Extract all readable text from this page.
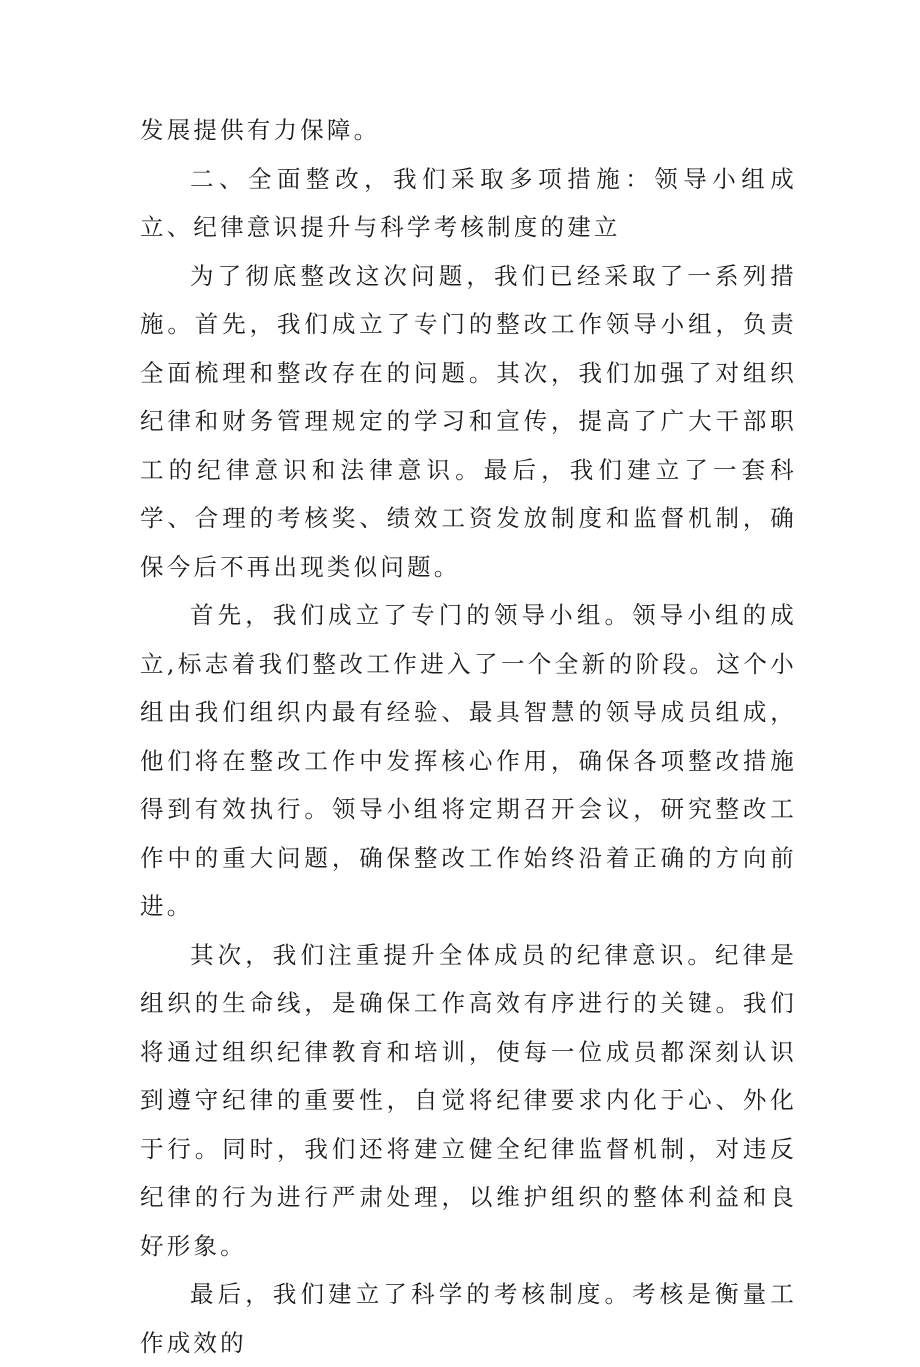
发展提供有力保障。

二、全面整改，我们采取多项措施：领导小组成立、纪律意识提升与科学考核制度的建立

为了彻底整改这次问题，我们已经采取了一系列措施。首先，我们成立了专门的整改工作领导小组，负责全面梳理和整改存在的问题。其次，我们加强了对组织纪律和财务管理规定的学习和宣传，提高了广大干部职工的纪律意识和法律意识。最后，我们建立了一套科学、合理的考核奖、绩效工资发放制度和监督机制，确保今后不再出现类似问题。

首先，我们成立了专门的领导小组。领导小组的成立,标志着我们整改工作进入了一个全新的阶段。这个小组由我们组织内最有经验、最具智慧的领导成员组成，他们将在整改工作中发挥核心作用，确保各项整改措施得到有效执行。领导小组将定期召开会议，研究整改工作中的重大问题，确保整改工作始终沿着正确的方向前进。

其次，我们注重提升全体成员的纪律意识。纪律是组织的生命线，是确保工作高效有序进行的关键。我们将通过组织纪律教育和培训，使每一位成员都深刻认识到遵守纪律的重要性，自觉将纪律要求内化于心、外化于行。同时，我们还将建立健全纪律监督机制，对违反纪律的行为进行严肃处理，以维护组织的整体利益和良好形象。

最后，我们建立了科学的考核制度。考核是衡量工作成效的
